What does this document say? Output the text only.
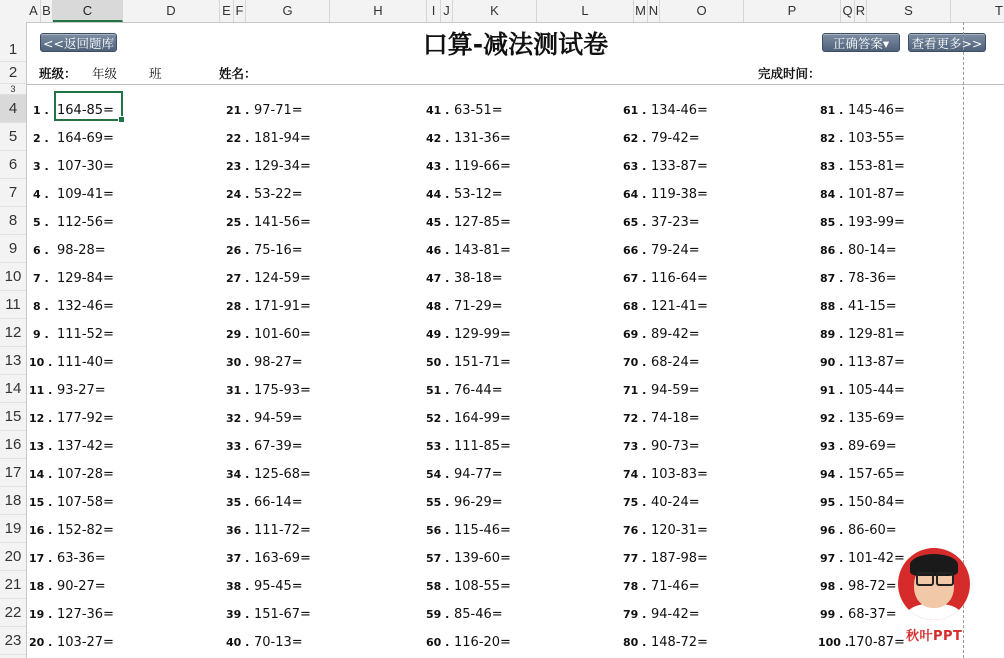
A B	C	D	E F	G	H	I J	K	L	M N	O	P	Q R	S	T
1
2
3
4
5
6
7
8
9
10
11
12
13
14
15
16
17
18
19
20
21
22
23
<<返回题库	口算-减法测试卷	正确答案▾	查看更多>>
班级： 年级	班	姓名：	完成时间：
1 . 164-85=
2 . 164-69=
3 . 107-30=
4 . 109-41=
5 . 112-56=
6 . 98-28=
7 . 129-84=
8 . 132-46=
9 . 111-52=
10 . 111-40=
11 . 93-27=
12 . 177-92=
13 . 137-42=
14 . 107-28=
15 . 107-58=
16 . 152-82=
17 . 63-36=
18 . 90-27=
19 . 127-36=
20 . 103-27=
21 . 97-71=
22 . 181-94=
23 . 129-34=
24 . 53-22=
25 . 141-56=
26 . 75-16=
27 . 124-59=
28 . 171-91=
29 . 101-60=
30 . 98-27=
31 . 175-93=
32 . 94-59=
33 . 67-39=
34 . 125-68=
35 . 66-14=
36 . 111-72=
37 . 163-69=
38 . 95-45=
39 . 151-67=
40 . 70-13=
41 . 63-51=
42 . 131-36=
43 . 119-66=
44 . 53-12=
45 . 127-85=
46 . 143-81=
47 . 38-18=
48 . 71-29=
49 . 129-99=
50 . 151-71=
51 . 76-44=
52 . 164-99=
53 . 111-85=
54 . 94-77=
55 . 96-29=
56 . 115-46=
57 . 139-60=
58 . 108-55=
59 . 85-46=
60 . 116-20=
61 . 134-46=
62 . 79-42=
63 . 133-87=
64 . 119-38=
65 . 37-23=
66 . 79-24=
67 . 116-64=
68 . 121-41=
69 . 89-42=
70 . 68-24=
71 . 94-59=
72 . 74-18=
73 . 90-73=
74 . 103-83=
75 . 40-24=
76 . 120-31=
77 . 187-98=
78 . 71-46=
79 . 94-42=
80 . 148-72=
81 . 145-46=
82 . 103-55=
83 . 153-81=
84 . 101-87=
85 . 193-99=
86 . 80-14=
87 . 78-36=
88 . 41-15=
89 . 129-81=
90 . 113-87=
91 . 105-44=
92 . 135-69=
93 . 89-69=
94 . 157-65=
95 . 150-84=
96 . 86-60=
97 . 101-42=
98 . 98-72=
99 . 68-37=
100 . 170-87= 秋叶PPT
